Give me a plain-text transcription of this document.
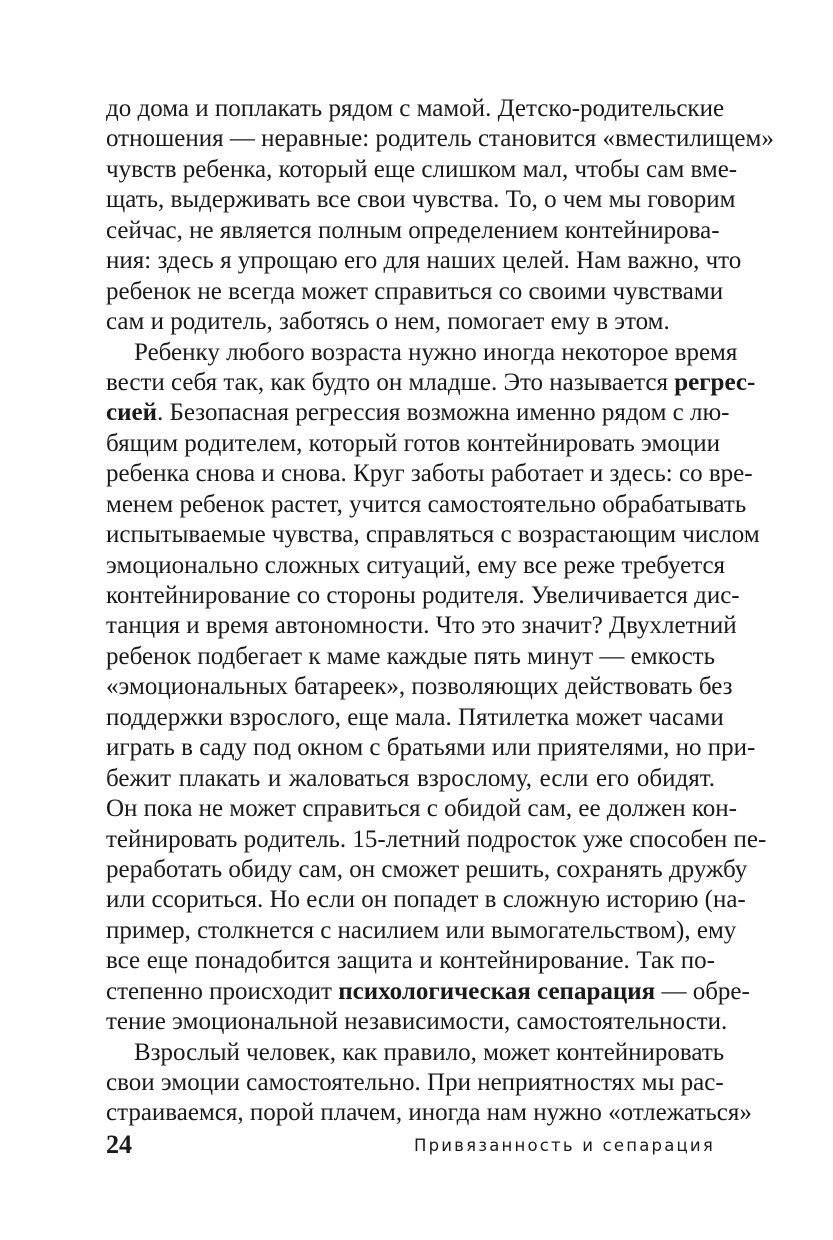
до дома и поплакать рядом с мамой. Детско-родительские
отношения — неравные: родитель становится «вместилищем»
чувств ребенка, который еще слишком мал, чтобы сам вме-
щать, выдерживать все свои чувства. То, о чем мы говорим
сейчас, не является полным определением контейнирова-
ния: здесь я упрощаю его для наших целей. Нам важно, что
ребенок не всегда может справиться со своими чувствами
сам и родитель, заботясь о нем, помогает ему в этом.
Ребенку любого возраста нужно иногда некоторое время
вести себя так, как будто он младше. Это называется регрес-
сией. Безопасная регрессия возможна именно рядом с лю-
бящим родителем, который готов контейнировать эмоции
ребенка снова и снова. Круг заботы работает и здесь: со вре-
менем ребенок растет, учится самостоятельно обрабатывать
испытываемые чувства, справляться с возрастающим числом
эмоционально сложных ситуаций, ему все реже требуется
контейнирование со стороны родителя. Увеличивается дис-
танция и время автономности. Что это значит? Двухлетний
ребенок подбегает к маме каждые пять минут — емкость
«эмоциональных батареек», позволяющих действовать без
поддержки взрослого, еще мала. Пятилетка может часами
играть в саду под окном с братьями или приятелями, но при-
бежит плакать и жаловаться взрослому, если его обидят.
Он пока не может справиться с обидой сам, ее должен кон-
тейнировать родитель. 15-летний подросток уже способен пе-
реработать обиду сам, он сможет решить, сохранять дружбу
или ссориться. Но если он попадет в сложную историю (на-
пример, столкнется с насилием или вымогательством), ему
все еще понадобится защита и контейнирование. Так по-
степенно происходит психологическая сепарация — обре-
тение эмоциональной независимости, самостоятельности.
Взрослый человек, как правило, может контейнировать
свои эмоции самостоятельно. При неприятностях мы рас-
страиваемся, порой плачем, иногда нам нужно «отлежаться»
24	Привязанность и сепарация
